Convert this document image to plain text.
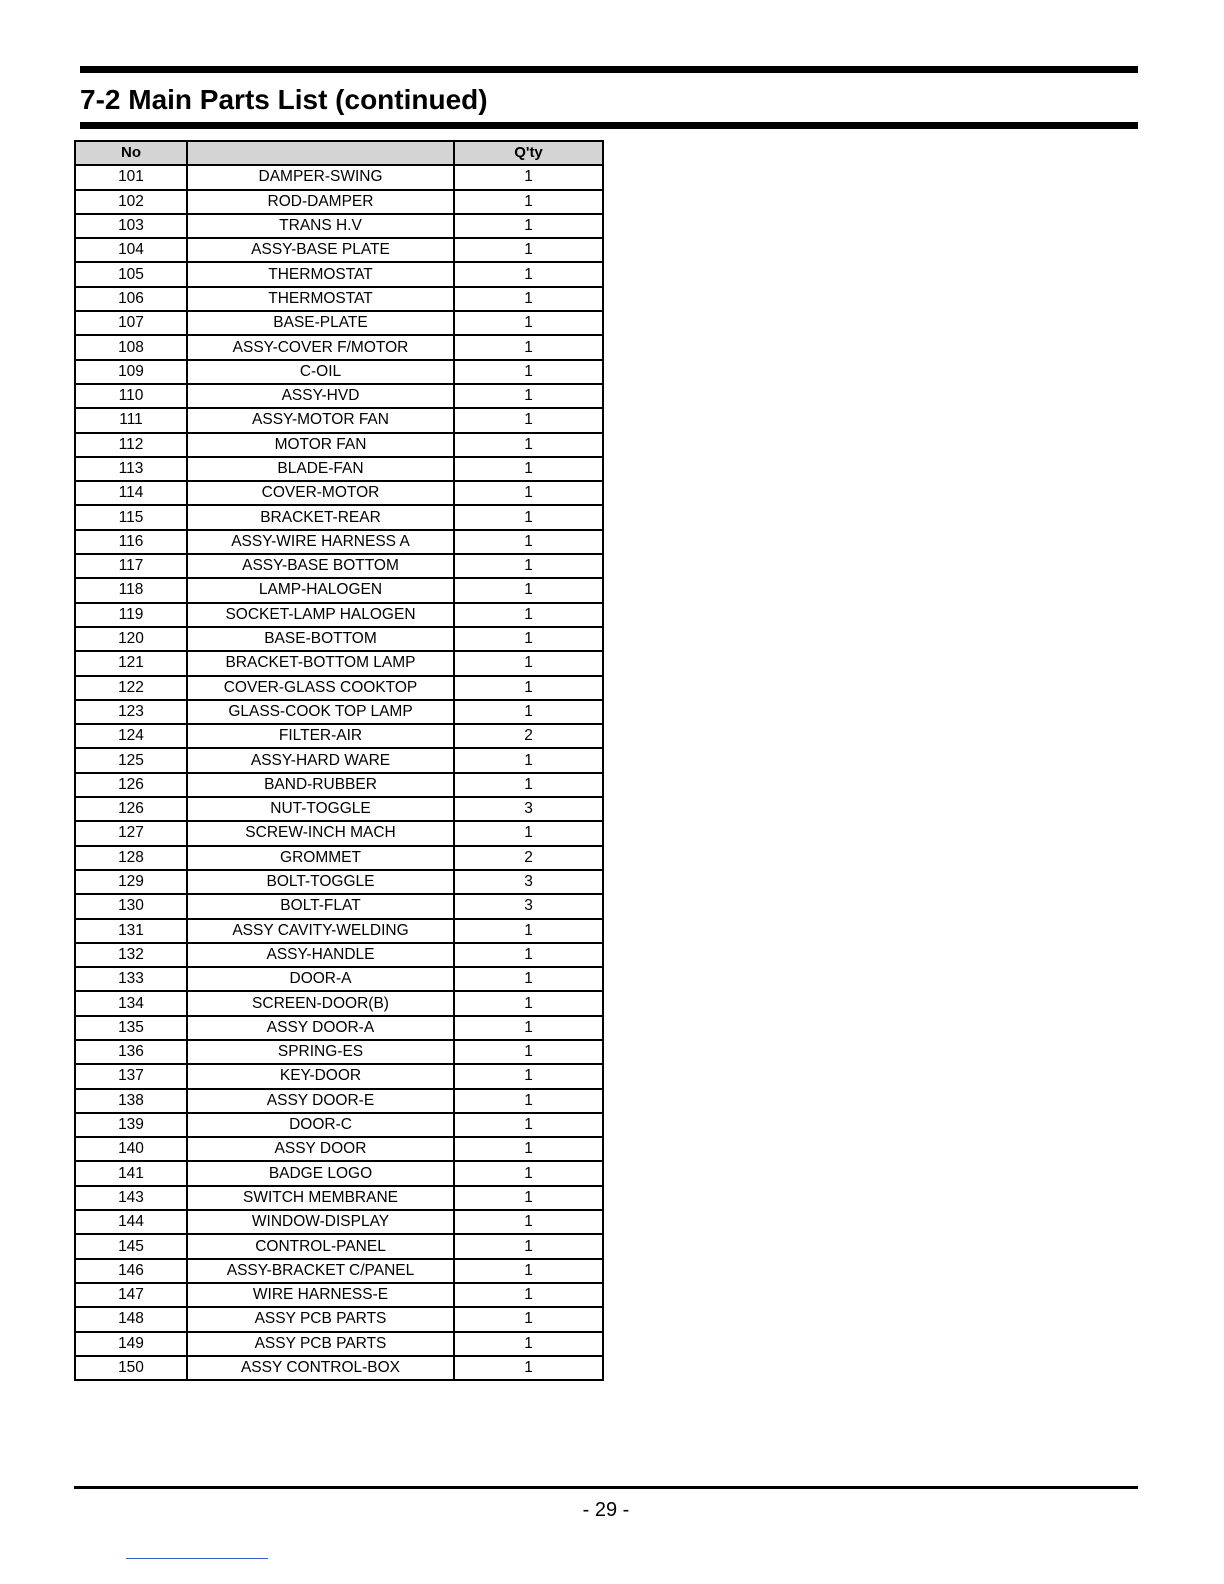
7-2 Main Parts List (continued)
No		Q'ty
101	DAMPER-SWING	1
102	ROD-DAMPER	1
103	TRANS H.V	1
104	ASSY-BASE PLATE	1
105	THERMOSTAT	1
106	THERMOSTAT	1
107	BASE-PLATE	1
108	ASSY-COVER F/MOTOR	1
109	C-OIL	1
110	ASSY-HVD	1
111	ASSY-MOTOR FAN	1
112	MOTOR FAN	1
113	BLADE-FAN	1
114	COVER-MOTOR	1
115	BRACKET-REAR	1
116	ASSY-WIRE HARNESS A	1
117	ASSY-BASE BOTTOM	1
118	LAMP-HALOGEN	1
119	SOCKET-LAMP HALOGEN	1
120	BASE-BOTTOM	1
121	BRACKET-BOTTOM LAMP	1
122	COVER-GLASS COOKTOP	1
123	GLASS-COOK TOP LAMP	1
124	FILTER-AIR	2
125	ASSY-HARD WARE	1
126	BAND-RUBBER	1
126	NUT-TOGGLE	3
127	SCREW-INCH MACH	1
128	GROMMET	2
129	BOLT-TOGGLE	3
130	BOLT-FLAT	3
131	ASSY CAVITY-WELDING	1
132	ASSY-HANDLE	1
133	DOOR-A	1
134	SCREEN-DOOR(B)	1
135	ASSY DOOR-A	1
136	SPRING-ES	1
137	KEY-DOOR	1
138	ASSY DOOR-E	1
139	DOOR-C	1
140	ASSY DOOR	1
141	BADGE LOGO	1
143	SWITCH MEMBRANE	1
144	WINDOW-DISPLAY	1
145	CONTROL-PANEL	1
146	ASSY-BRACKET C/PANEL	1
147	WIRE HARNESS-E	1
148	ASSY PCB PARTS	1
149	ASSY PCB PARTS	1
150	ASSY CONTROL-BOX	1
- 29 -
